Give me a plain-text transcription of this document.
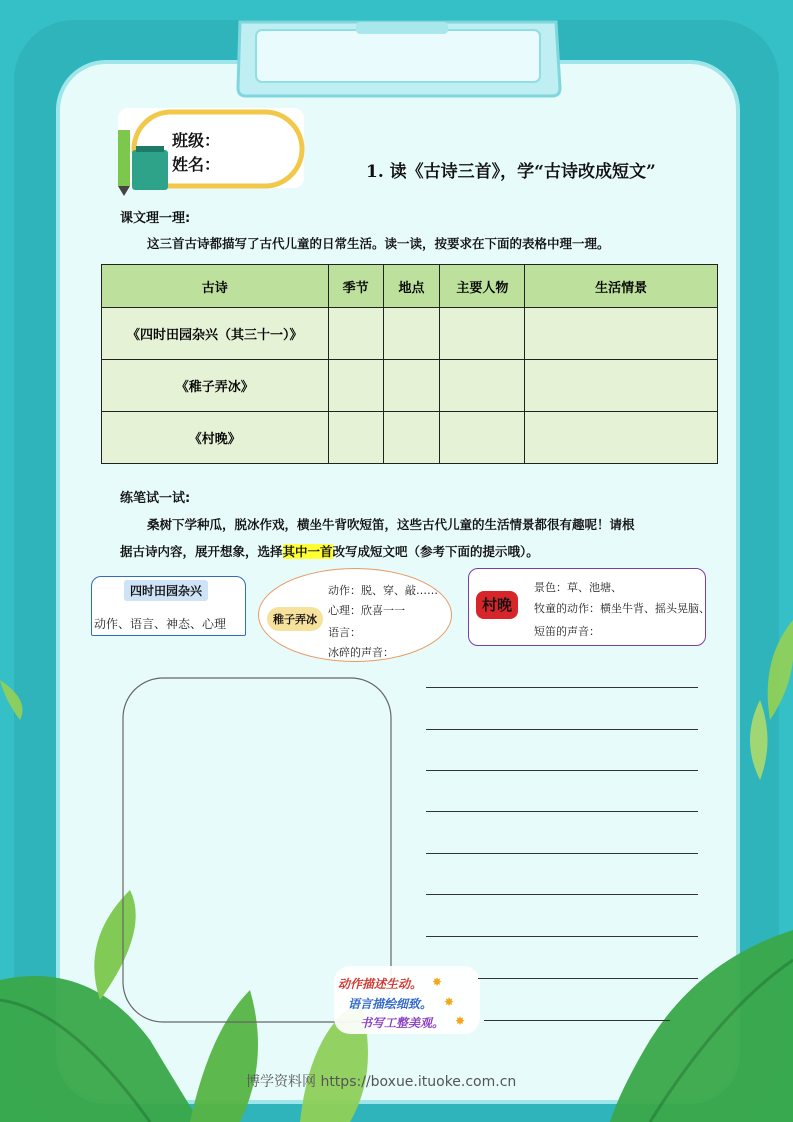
班级：
姓名：	1. 读《古诗三首》，学“古诗改成短文”
课文理一理:
这三首古诗都描写了古代儿童的日常生活。读一读，按要求在下面的表格中理一理。
古诗	季节	地点	主要人物	生活情景
《四时田园杂兴（其三十一）》				
《稚子弄冰》				
《村晚》				
练笔试一试:
桑树下学种瓜，脱冰作戏，横坐牛背吹短笛，这些古代儿童的生活情景都很有趣呢！请根
据古诗内容，展开想象，选择其中一首改写成短文吧（参考下面的提示哦）。
四时田园杂兴
动作、语言、神态、心理	稚子弄冰
动作：脱、穿、敲……
心理：欣喜一一
语言：
冰碎的声音：
村晚
景色：草、池塘、
牧童的动作：横坐牛背、摇头晃脑、
短笛的声音：
动作描述生动。
语言描绘细致。
书写工整美观。
✸
✸
✸
博学资料网 https://boxue.ituoke.com.cn
